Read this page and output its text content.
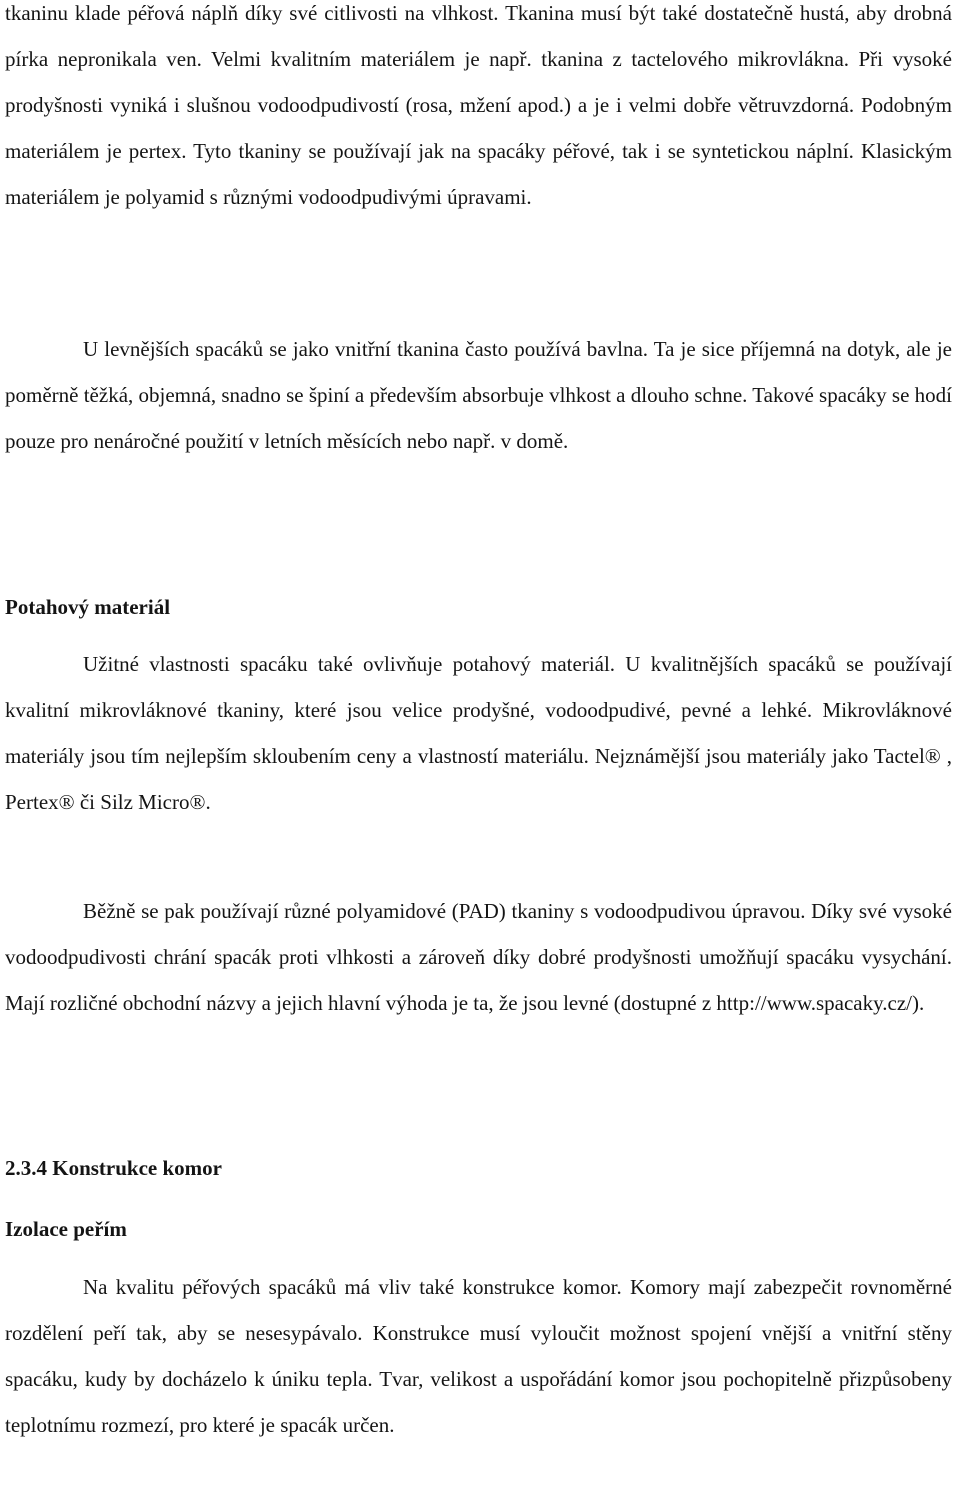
tkaninu klade péřová náplň díky své citlivosti na vlhkost. Tkanina musí být také dostatečně hustá, aby drobná pírka nepronikala ven. Velmi kvalitním materiálem je např. tkanina z tactelového mikrovlákna. Při vysoké prodyšnosti vyniká i slušnou vodoodpudivostí (rosa, mžení apod.) a je i velmi dobře větruvzdorná. Podobným materiálem je pertex. Tyto tkaniny se používají jak na spacáky péřové, tak i se syntetickou náplní. Klasickým materiálem je polyamid s různými vodoodpudivými úpravami.

U levnějších spacáků se jako vnitřní tkanina často používá bavlna. Ta je sice příjemná na dotyk, ale je poměrně těžká, objemná, snadno se špiní a především absorbuje vlhkost a dlouho schne. Takové spacáky se hodí pouze pro nenáročné použití v letních měsících nebo např. v domě.

Potahový materiál

Užitné vlastnosti spacáku také ovlivňuje potahový materiál. U kvalitnějších spacáků se používají kvalitní mikrovláknové tkaniny, které jsou velice prodyšné, vodoodpudivé, pevné a lehké. Mikrovláknové materiály jsou tím nejlepším skloubením ceny a vlastností materiálu. Nejznámější jsou materiály jako Tactel® , Pertex® či Silz Micro®.

Běžně se pak používají různé polyamidové (PAD) tkaniny s vodoodpudivou úpravou. Díky své vysoké vodoodpudivosti chrání spacák proti vlhkosti a zároveň díky dobré prodyšnosti umožňují spacáku vysychání. Mají rozličné obchodní názvy a jejich hlavní výhoda je ta, že jsou levné (dostupné z http://www.spacaky.cz/).

2.3.4 Konstrukce komor
Izolace peřím

Na kvalitu péřových spacáků má vliv také konstrukce komor. Komory mají zabezpečit rovnoměrné rozdělení peří tak, aby se nesesypávalo. Konstrukce musí vyloučit možnost spojení vnější a vnitřní stěny spacáku, kudy by docházelo k úniku tepla. Tvar, velikost a uspořádání komor jsou pochopitelně přizpůsobeny teplotnímu rozmezí, pro které je spacák určen.
